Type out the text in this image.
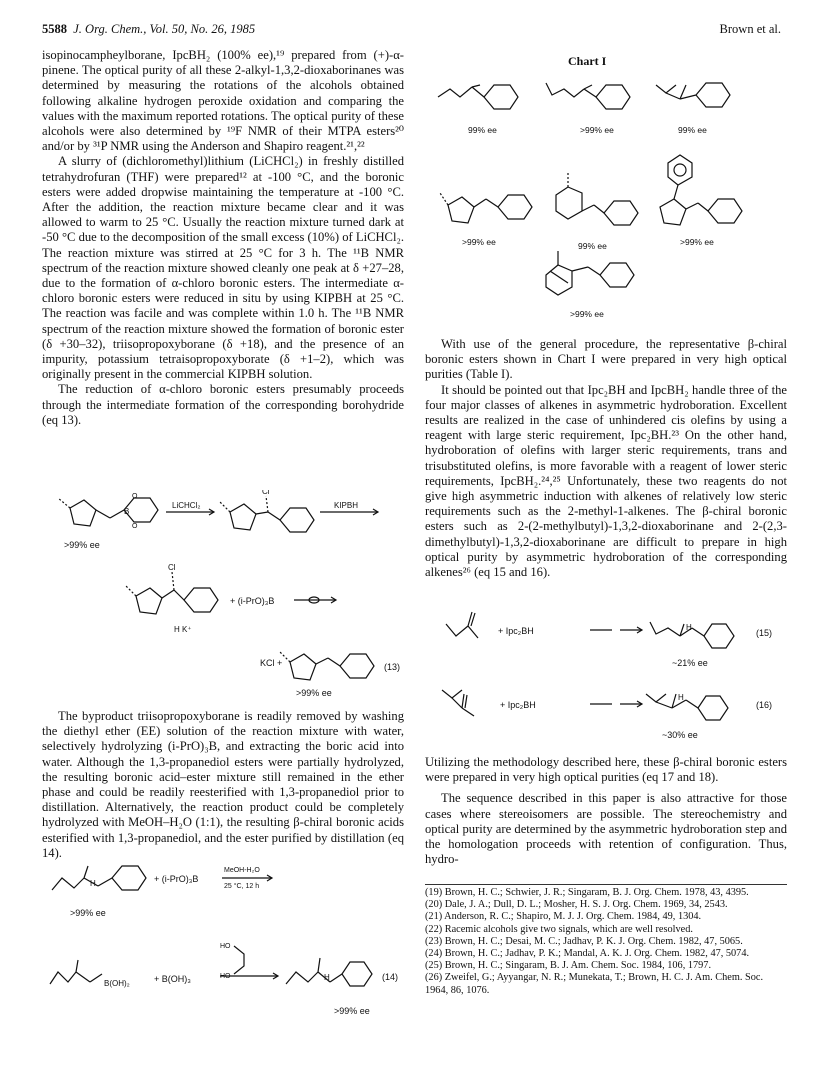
5588 J. Org. Chem., Vol. 50, No. 26, 1985	Brown et al.

isopinocampheylborane, IpcBH₂ (100% ee),¹⁹ prepared from (+)-α-pinene. The optical purity of all these 2-alkyl-1,3,2-dioxaborinanes was determined by measuring the rotations of the alcohols obtained following alkaline hydrogen peroxide oxidation and comparing the values with the maximum reported rotations. The optical purity of these alcohols were also determined by ¹⁹F NMR of their MTPA esters²⁰ and/or by ³¹P NMR using the Anderson and Shapiro reagent.²¹,²²

A slurry of (dichloromethyl)lithium (LiCHCl₂) in freshly distilled tetrahydrofuran (THF) were prepared¹² at -100 °C, and the boronic esters were added dropwise maintaining the temperature at -100 °C. After the addition, the reaction mixture became clear and it was allowed to warm to 25 °C. Usually the reaction mixture turned dark at -50 °C due to the decomposition of the small excess (10%) of LiCHCl₂. The reaction mixture was stirred at 25 °C for 3 h. The ¹¹B NMR spectrum of the reaction mixture showed cleanly one peak at δ +27–28, due to the formation of α-chloro boronic esters. The intermediate α-chloro boronic esters were reduced in situ by using KIPBH at 25 °C. The reaction was facile and was complete within 1.0 h. The ¹¹B NMR spectrum of the reaction mixture showed the formation of boronic ester (δ +30–32), triisopropoxyborane (δ +18), and the presence of an impurity, potassium tetraisopropoxyborate (δ +1–2), which was originally present in the commercial KIPBH solution.

The reduction of α-chloro boronic esters presumably proceeds through the intermediate formation of the corresponding borohydride (eq 13).

B
O
O
>99% ee
LiCHCl₂
Cl
KIPBH
Cl
H K⁺
+ (i-PrO)₃B
KCl +	(13)
>99% ee

The byproduct triisopropoxyborane is readily removed by washing the diethyl ether (EE) solution of the reaction mixture with water, selectively hydrolyzing (i-PrO)₃B, and extracting the boric acid into water. Although the 1,3-propanediol esters were partially hydrolyzed, the resulting boronic acid–ester mixture still remained in the ether phase and could be readily reesterified with 1,3-propanediol prior to distillation. Alternatively, the reaction product could be completely hydrolyzed with MeOH–H₂O (1:1), the resulting β-chiral boronic acids esterified with 1,3-propanediol, and the ester purified by distillation (eq 14).

H	+ (i-PrO)₃B
MeOH-H₂O
25 °C, 12 h
>99% ee
B(OH)₂	+ B(OH)₃
HO
HO	H	(14)
>99% ee
Chart I
99% ee	>99% ee	99% ee
>99% ee	99% ee	>99% ee
>99% ee

With use of the general procedure, the representative β-chiral boronic esters shown in Chart I were prepared in very high optical purities (Table I).

It should be pointed out that Ipc₂BH and IpcBH₂ handle three of the four major classes of alkenes in asymmetric hydroboration. Excellent results are realized in the case of unhindered cis olefins by using a reagent with large steric requirement, Ipc₂BH.²³ On the other hand, hydroboration of olefins with larger steric requirements, trans and trisubstituted olefins, is more favorable with a reagent of lower steric requirements, IpcBH₂.²⁴,²⁵ Unfortunately, these two reagents do not give high asymmetric induction with alkenes of relatively low steric requirements such as the 2-methyl-1-alkenes. The β-chiral boronic esters such as 2-(2-methylbutyl)-1,3,2-dioxaborinane and 2-(2,3-dimethylbutyl)-1,3,2-dioxaborinane are difficult to prepare in high optical purity by asymmetric hydroboration of the corresponding alkenes²⁶ (eq 15 and 16).

+ Ipc₂BH	H
(15)
~21% ee
+ Ipc₂BH
H
(16)
~30% ee

Utilizing the methodology described here, these β-chiral boronic esters were prepared in very high optical purities (eq 17 and 18).

The sequence described in this paper is also attractive for those cases where stereoisomers are possible. The stereochemistry and optical purity are determined by the asymmetric hydroboration step and the homologation proceeds with retention of configuration. Thus, hydro-

(19) Brown, H. C.; Schwier, J. R.; Singaram, B. J. Org. Chem. 1978, 43, 4395.
(20) Dale, J. A.; Dull, D. L.; Mosher, H. S. J. Org. Chem. 1969, 34, 2543.
(21) Anderson, R. C.; Shapiro, M. J. J. Org. Chem. 1984, 49, 1304.
(22) Racemic alcohols give two signals, which are well resolved.
(23) Brown, H. C.; Desai, M. C.; Jadhav, P. K. J. Org. Chem. 1982, 47, 5065.
(24) Brown, H. C.; Jadhav, P. K.; Mandal, A. K. J. Org. Chem. 1982, 47, 5074.
(25) Brown, H. C.; Singaram, B. J. Am. Chem. Soc. 1984, 106, 1797.
(26) Zweifel, G.; Ayyangar, N. R.; Munekata, T.; Brown, H. C. J. Am. Chem. Soc. 1964, 86, 1076.
